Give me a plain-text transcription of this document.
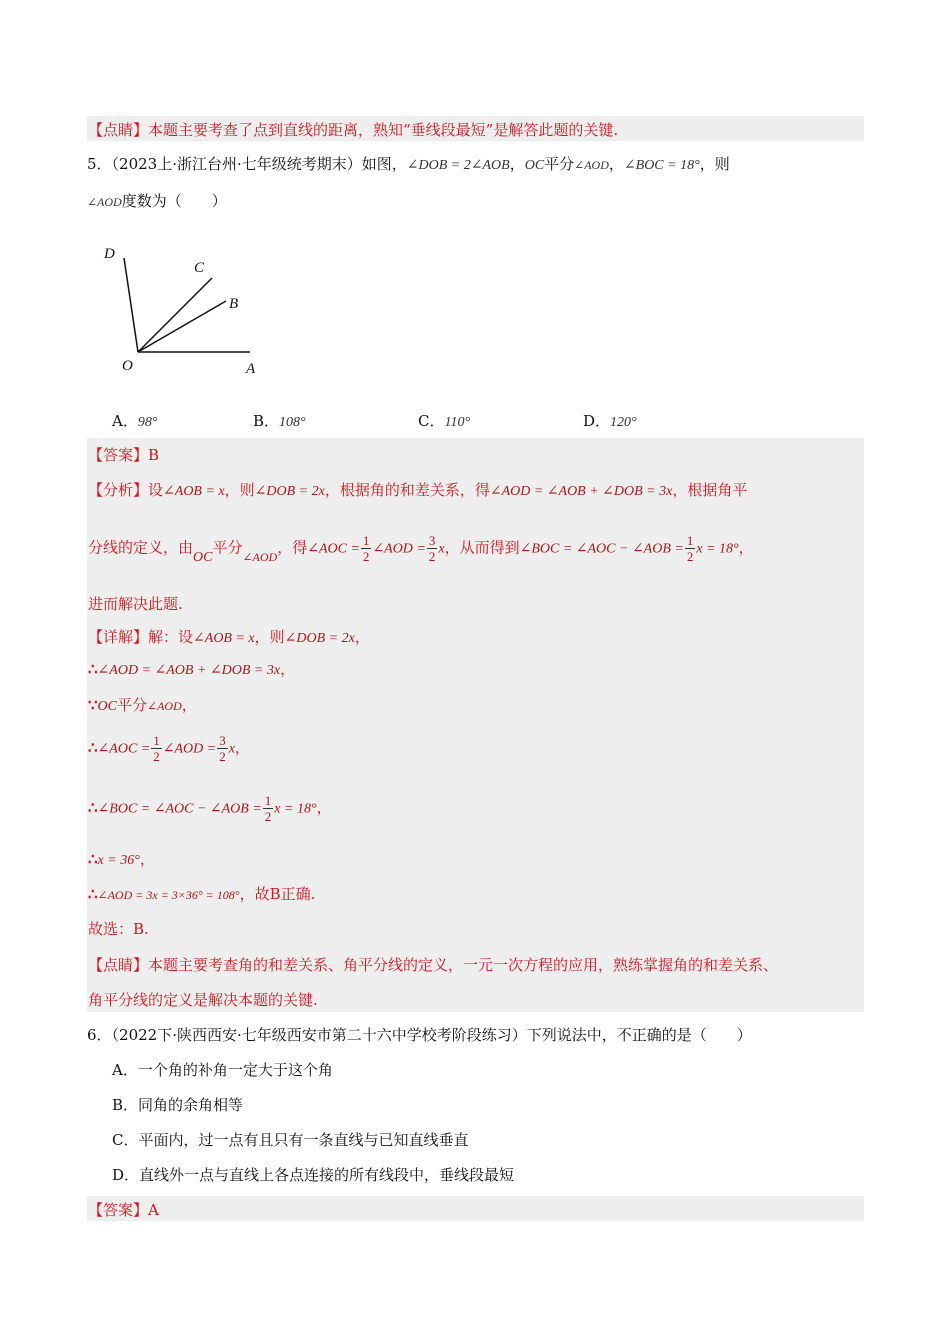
【点睛】本题主要考查了点到直线的距离，熟知“垂线段最短”是解答此题的关键.
5．（2023上·浙江台州·七年级统考期末）如图，∠DOB = 2∠AOB，OC平分∠AOD，∠BOC = 18°，则
∠AOD度数为（　　）
D
C
B
O	A
A．98°	B．108°	C．110°	D．120°
【答案】B
【分析】设∠AOB = x，则∠DOB = 2x，根据角的和差关系，得∠AOD = ∠AOB + ∠DOB = 3x，根据角平
分线的定义，由OC平分$_{\angle AOD}$，得∠AOC = $\frac{1}{2}$ ∠AOD = $\frac{3}{2}$ x，从而得到∠BOC = ∠AOC − ∠AOB = $\frac{1}{2}$ x = 18°，
进而解决此题.
【详解】解：设∠AOB = x，则∠DOB = 2x，
∴∠AOD = ∠AOB + ∠DOB = 3x，
∵OC平分∠AOD，
∴∠AOC = $\frac{1}{2}$ ∠AOD = $\frac{3}{2}$ x，
∴∠BOC = ∠AOC − ∠AOB = $\frac{1}{2}$ x = 18°，
∴x = 36°，
∴∠AOD = 3x = 3×36° = 108°，故B正确.
故选：B.
【点睛】本题主要考查角的和差关系、角平分线的定义，一元一次方程的应用，熟练掌握角的和差关系、
角平分线的定义是解决本题的关键.
6．（2022下·陕西西安·七年级西安市第二十六中学校考阶段练习）下列说法中，不正确的是（　　）
A．一个角的补角一定大于这个角
B．同角的余角相等
C．平面内，过一点有且只有一条直线与已知直线垂直
D．直线外一点与直线上各点连接的所有线段中，垂线段最短
【答案】A
